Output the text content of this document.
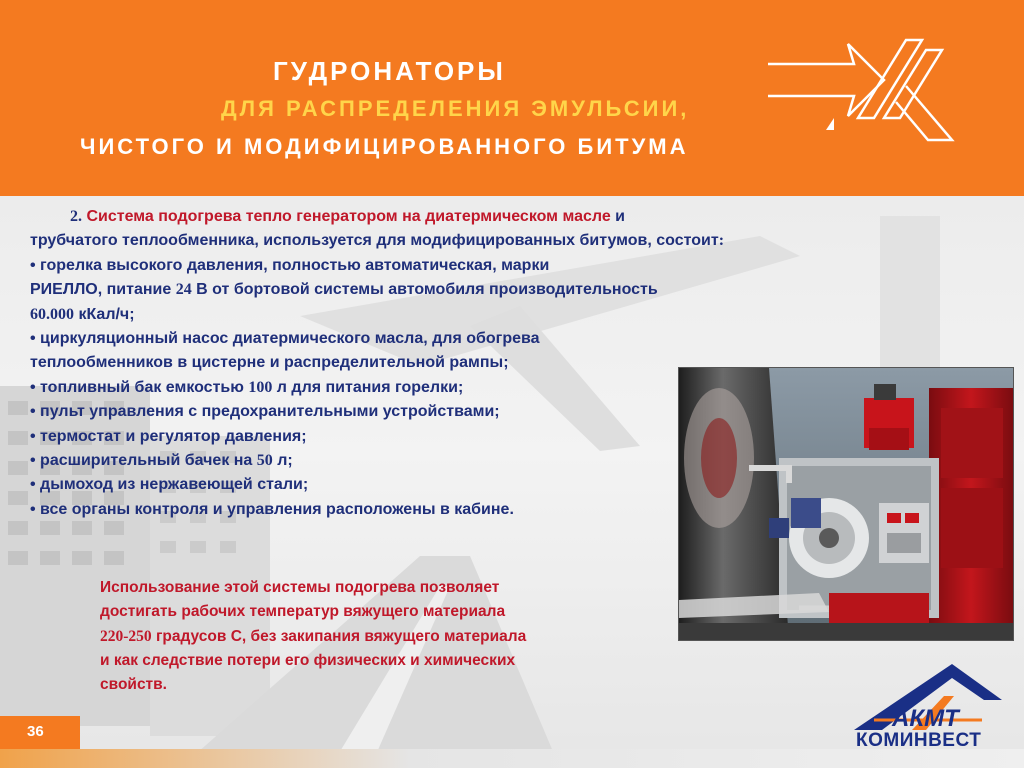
ГУДРОНАТОРЫ
ДЛЯ РАСПРЕДЕЛЕНИЯ ЭМУЛЬСИИ,
ЧИСТОГО И МОДИФИЦИРОВАННОГО БИТУМА

2. Система подогрева тепло генератором на диатермическом масле и

трубчатого теплообменника, используется для модифицированных битумов, состоит:

• горелка высокого давления, полностью автоматическая, марки

РИЕЛЛО, питание 24 В от бортовой системы автомобиля производительность

60.000 кКал/ч;

• циркуляционный насос диатермического масла, для обогрева

теплообменников в цистерне и распределительной рампы;

• топливный бак емкостью 100 л для питания горелки;

• пульт управления с предохранительными устройствами;

• термостат и регулятор давления;

• расширительный бачек на 50 л;

• дымоход из нержавеющей стали;

• все органы контроля и управления расположены в кабине.

Использование этой системы подогрева позволяет

достигать рабочих температур вяжущего материала

220-250 градусов С, без закипания вяжущего материала

и как следствие потери его физических и химических

свойств.

36	АКМТ
КОМИНВЕСТ
